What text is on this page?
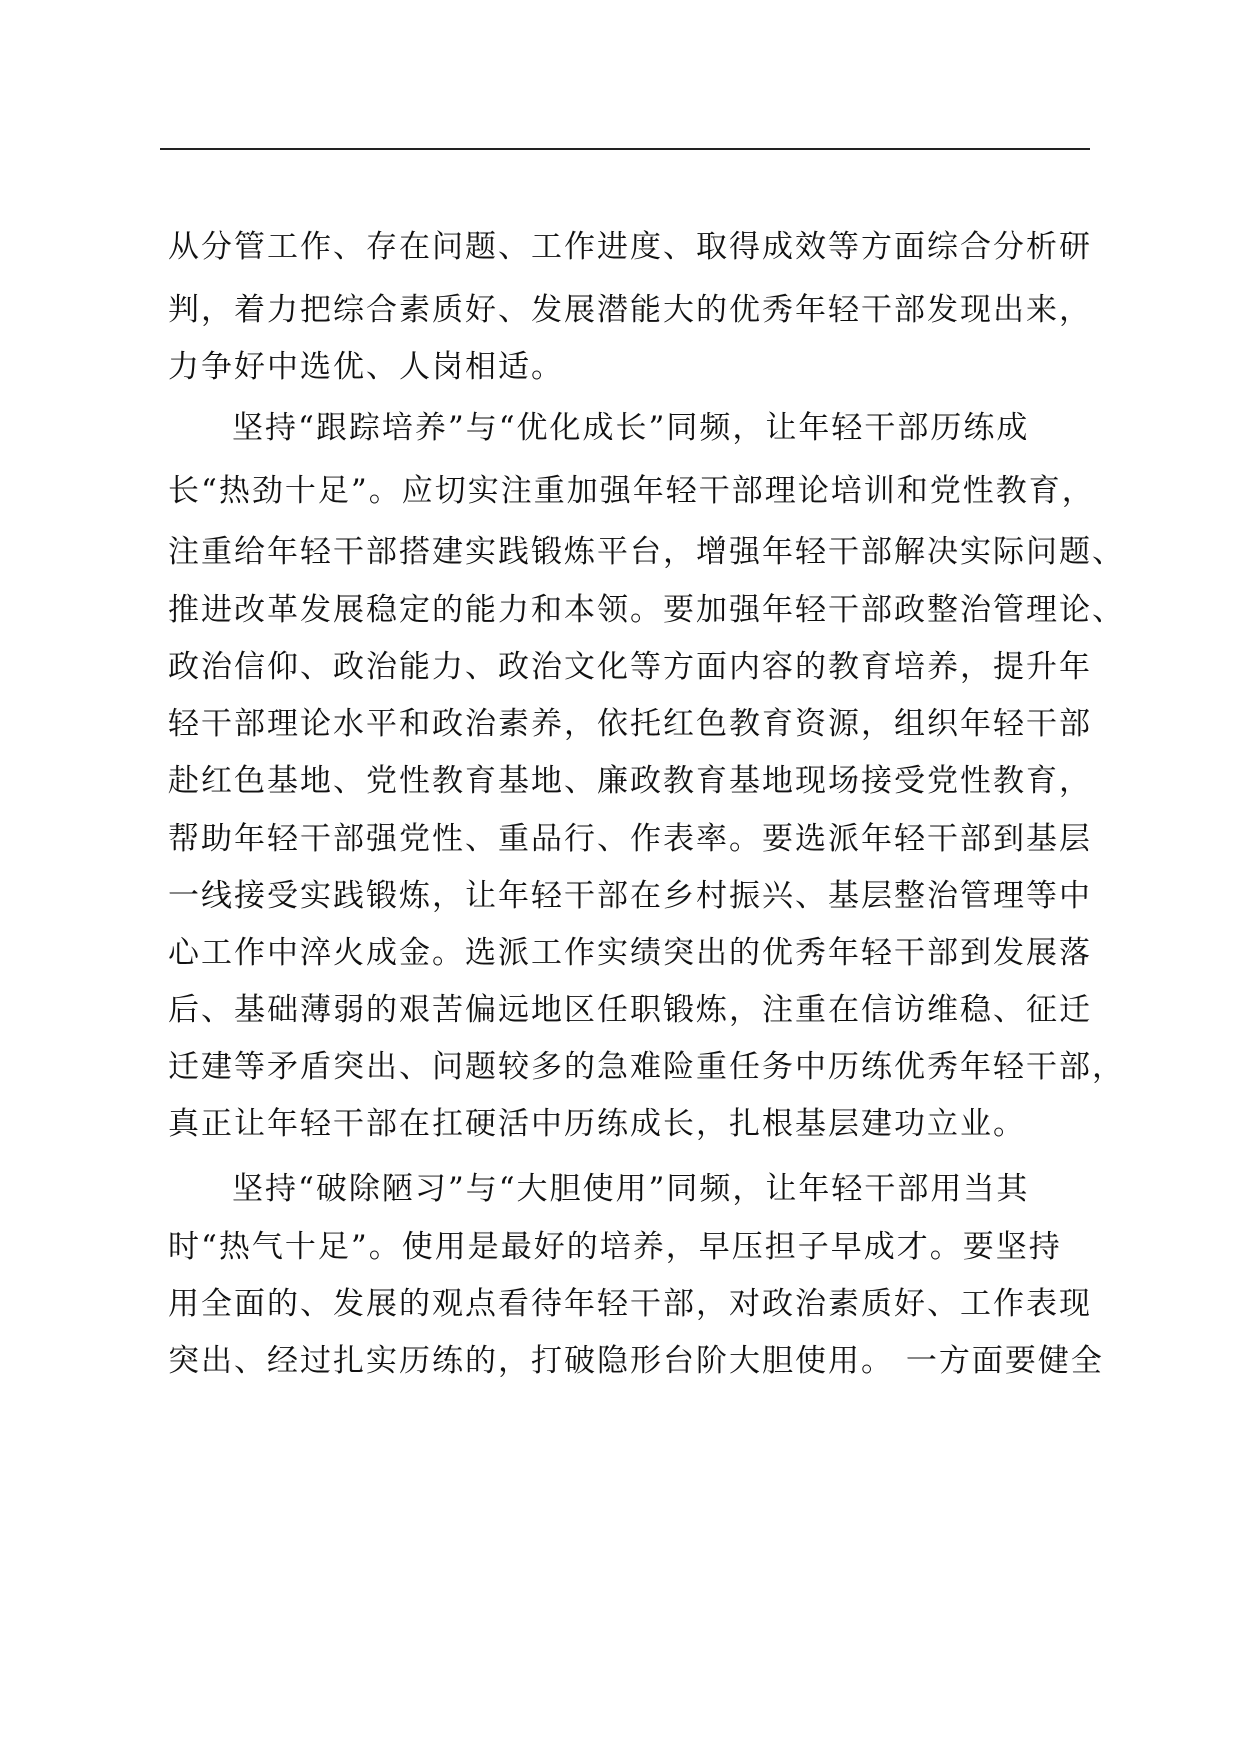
从分管工作、存在问题、工作进度、取得成效等方面综合分析研
判，着力把综合素质好、发展潜能大的优秀年轻干部发现出来，
力争好中选优、人岗相适。
坚持“跟踪培养”与“优化成长”同频，让年轻干部历练成
长“热劲十足”。应切实注重加强年轻干部理论培训和党性教育，
注重给年轻干部搭建实践锻炼平台，增强年轻干部解决实际问题、
推进改革发展稳定的能力和本领。要加强年轻干部政整治管理论、
政治信仰、政治能力、政治文化等方面内容的教育培养，提升年
轻干部理论水平和政治素养，依托红色教育资源，组织年轻干部
赴红色基地、党性教育基地、廉政教育基地现场接受党性教育，
帮助年轻干部强党性、重品行、作表率。要选派年轻干部到基层
一线接受实践锻炼，让年轻干部在乡村振兴、基层整治管理等中
心工作中淬火成金。选派工作实绩突出的优秀年轻干部到发展落
后、基础薄弱的艰苦偏远地区任职锻炼，注重在信访维稳、征迁
迁建等矛盾突出、问题较多的急难险重任务中历练优秀年轻干部，
真正让年轻干部在扛硬活中历练成长，扎根基层建功立业。
坚持“破除陋习”与“大胆使用”同频，让年轻干部用当其
时“热气十足”。使用是最好的培养，早压担子早成才。要坚持
用全面的、发展的观点看待年轻干部，对政治素质好、工作表现
突出、经过扎实历练的，打破隐形台阶大胆使用。 一方面要健全
